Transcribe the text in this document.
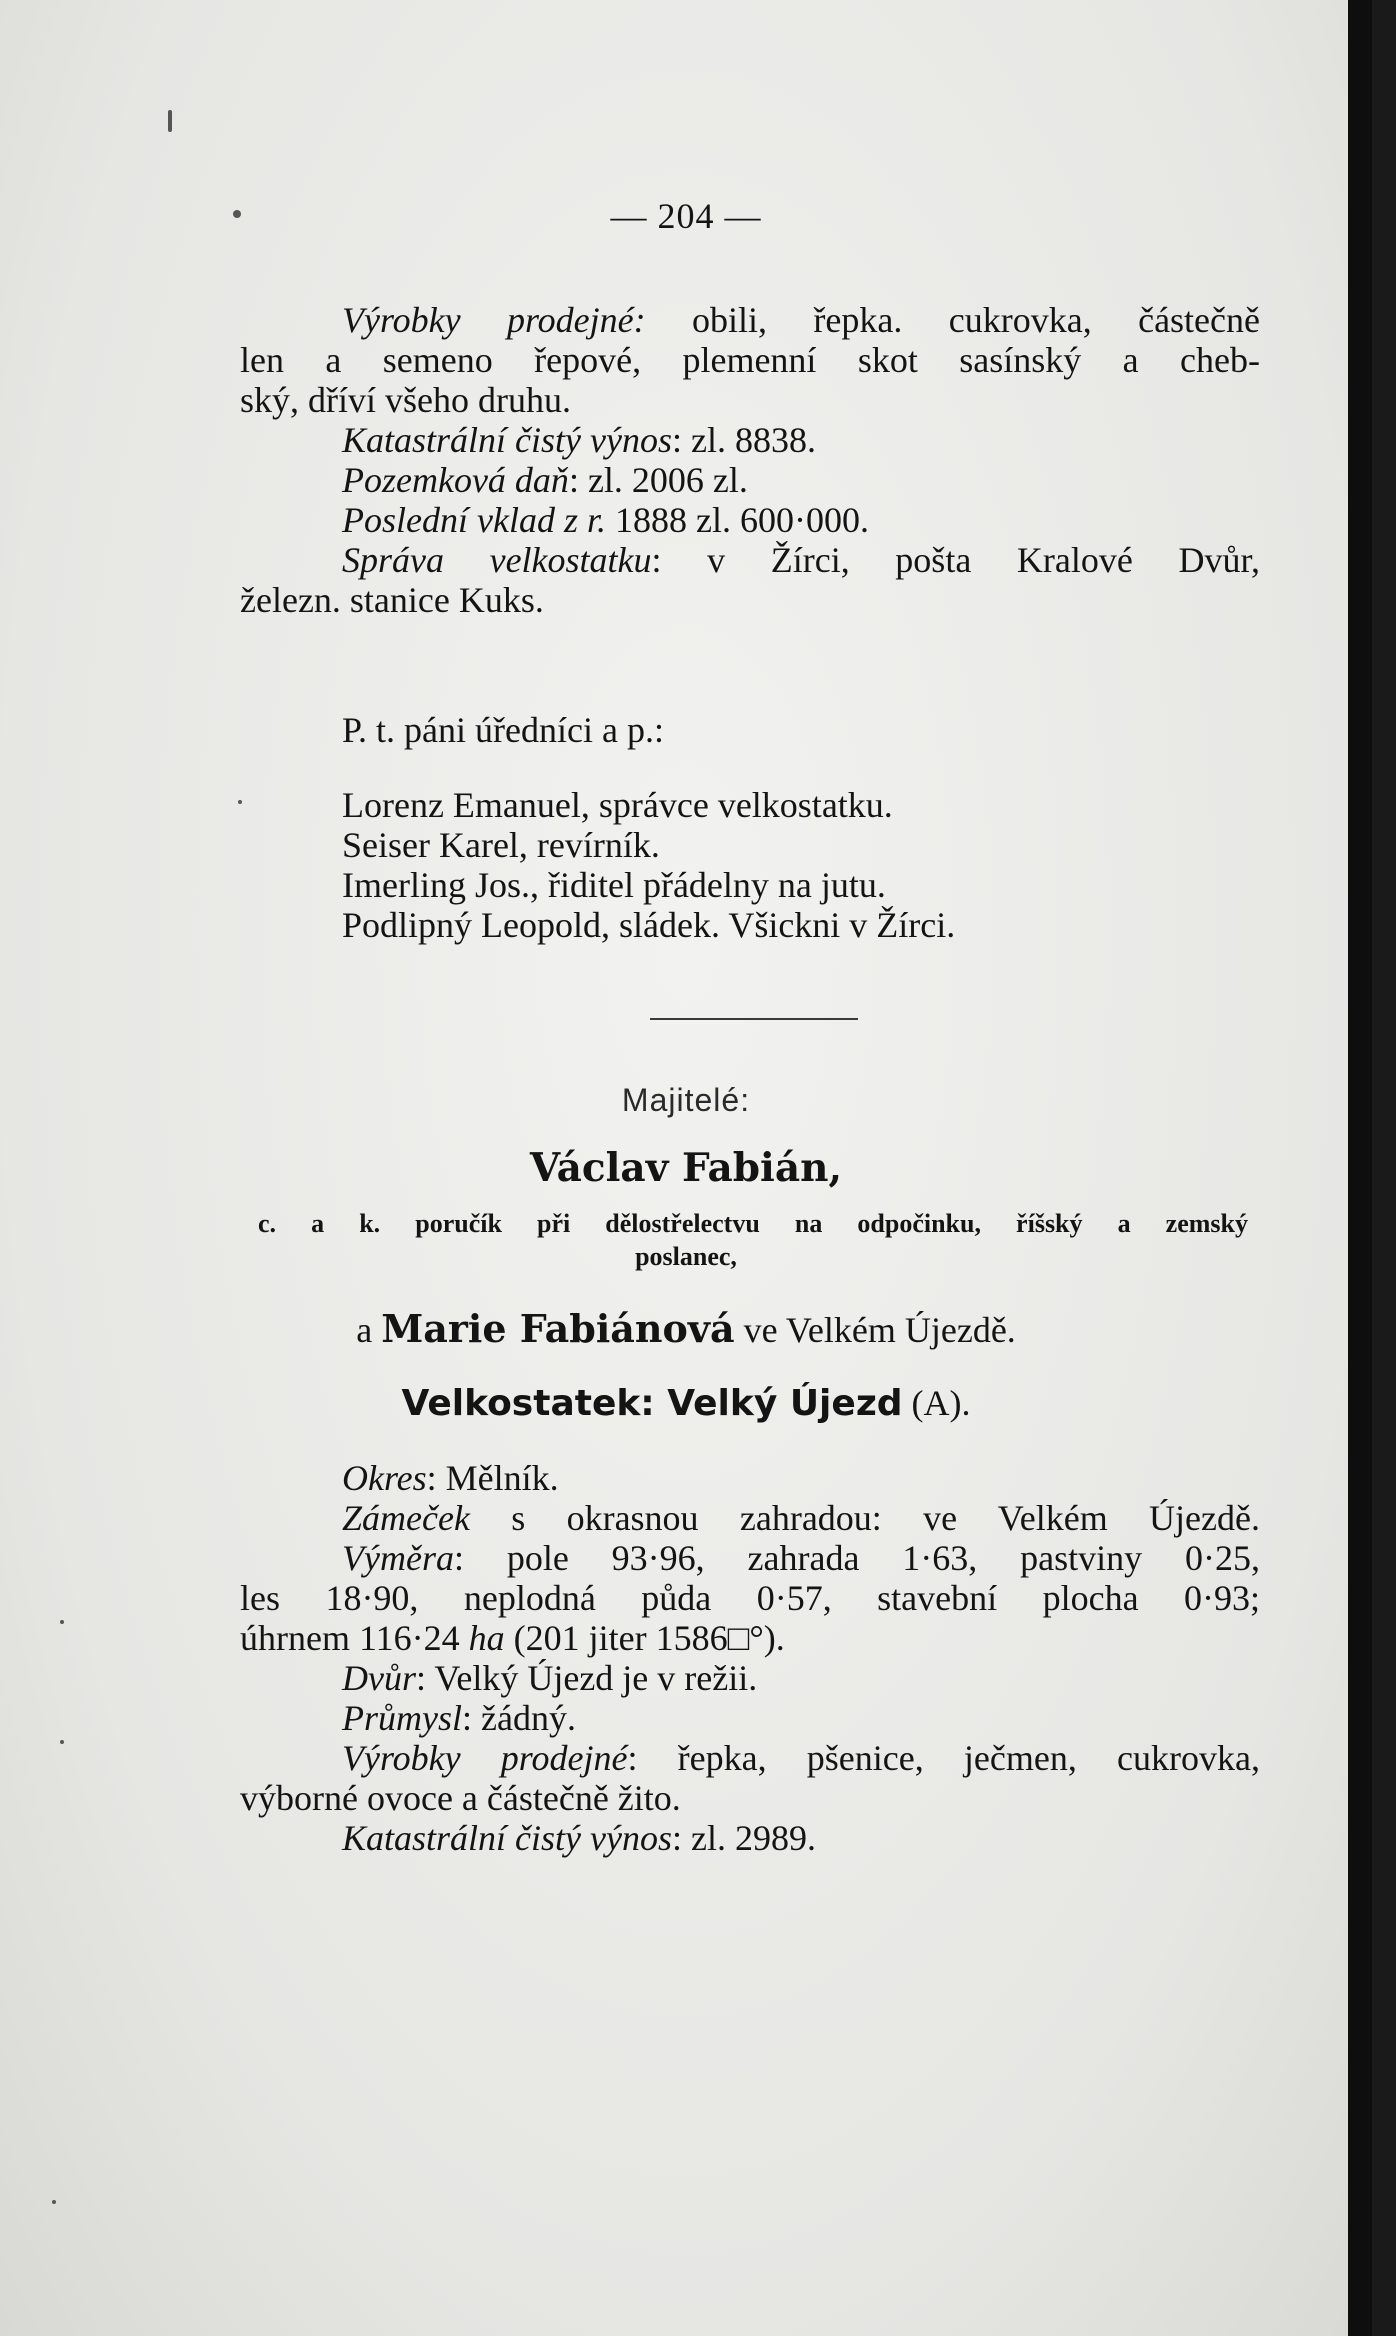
— 204 —
Výrobky prodejné: obili, řepka. cukrovka, částečně
len a semeno řepové, plemenní skot sasínský a cheb-
ský, dříví všeho druhu.
Katastrální čistý výnos: zl. 8838.
Pozemková daň: zl. 2006 zl.
Poslední vklad z r. 1888 zl. 600·000.
Správa velkostatku: v Žírci, pošta Kralové Dvůr,
železn. stanice Kuks.
P. t. páni úředníci a p.:
Lorenz Emanuel, správce velkostatku.
Seiser Karel, revírník.
Imerling Jos., řiditel přádelny na jutu.
Podlipný Leopold, sládek. Všickni v Žírci.
Majitelé:
Václav Fabián,
c. a k. poručík při dělostřelectvu na odpočinku, říšský a zemský
poslanec,
a Marie Fabiánová ve Velkém Újezdě.
Velkostatek: Velký Újezd (A).
Okres: Mělník.
Zámeček s okrasnou zahradou: ve Velkém Újezdě.
Výměra: pole 93·96, zahrada 1·63, pastviny 0·25,
les 18·90, neplodná půda 0·57, stavební plocha 0·93;
úhrnem 116·24 ha (201 jiter 1586□°).
Dvůr: Velký Újezd je v režii.
Průmysl: žádný.
Výrobky prodejné: řepka, pšenice, ječmen, cukrovka,
výborné ovoce a částečně žito.
Katastrální čistý výnos: zl. 2989.
